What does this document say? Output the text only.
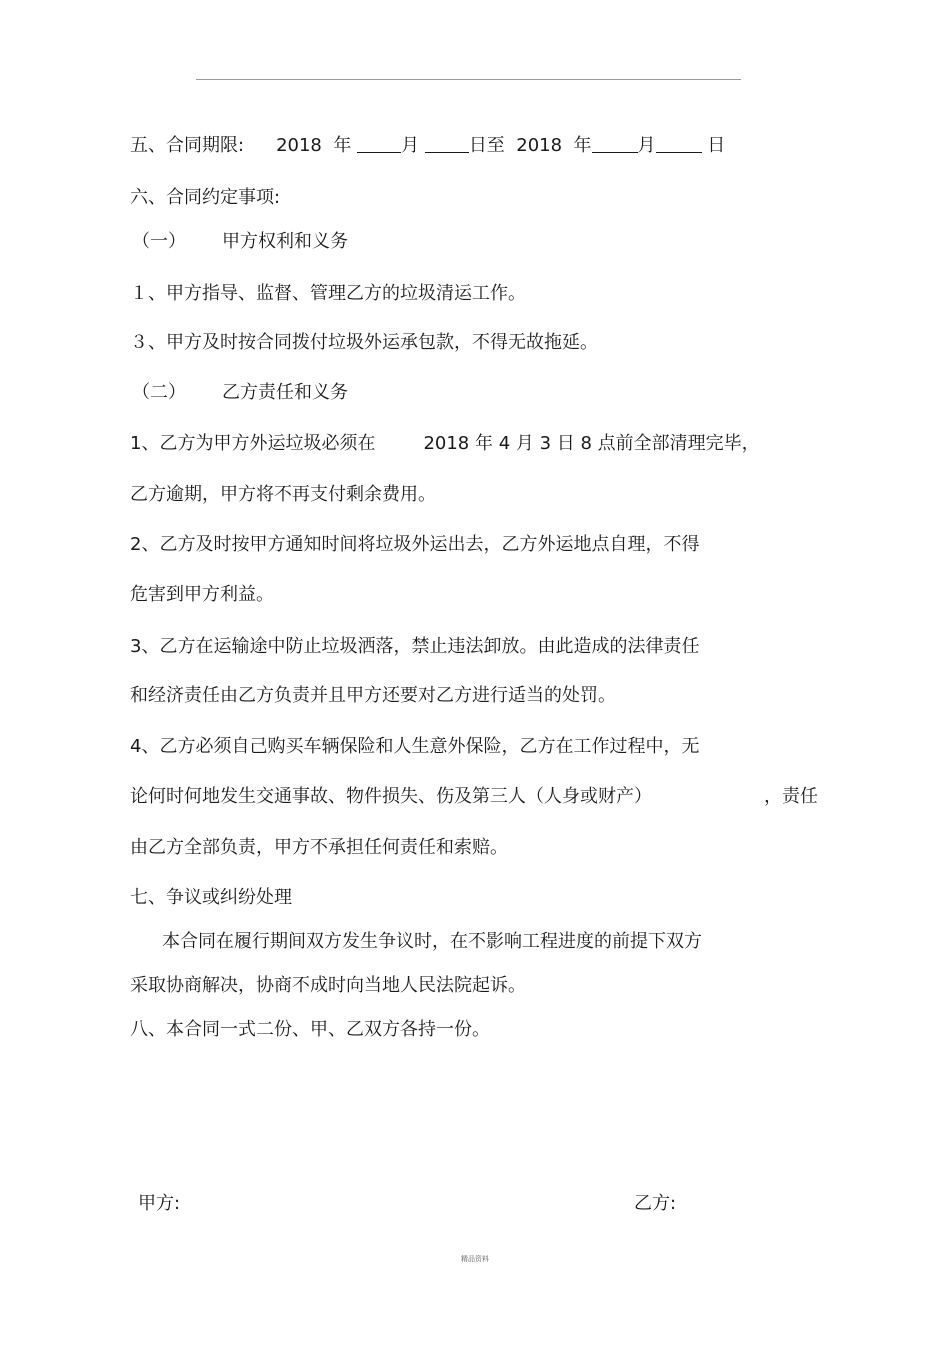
五、合同期限: 2018 年	月	日至 2018 年	月	日
六、合同约定事项:
（一） 甲方权利和义务
１、甲方指导、监督、管理乙方的垃圾清运工作。
３、甲方及时按合同拨付垃圾外运承包款，不得无故拖延。
（二） 乙方责任和义务
1、乙方为甲方外运垃圾必须在	2018 年 4 月 3 日 8 点前全部清理完毕，
乙方逾期，甲方将不再支付剩余费用。
2、乙方及时按甲方通知时间将垃圾外运出去，乙方外运地点自理，不得
危害到甲方利益。
3、乙方在运输途中防止垃圾洒落，禁止违法卸放。由此造成的法律责任
和经济责任由乙方负责并且甲方还要对乙方进行适当的处罚。
4、乙方必须自己购买车辆保险和人生意外保险，乙方在工作过程中，无
论何时何地发生交通事故、物件损失、伤及第三人（人身或财产）	，责任
由乙方全部负责，甲方不承担任何责任和索赔。
七、争议或纠纷处理
本合同在履行期间双方发生争议时，在不影响工程进度的前提下双方
采取协商解决，协商不成时向当地人民法院起诉。
八、本合同一式二份、甲、乙双方各持一份。
甲方:	乙方:
精品资料
